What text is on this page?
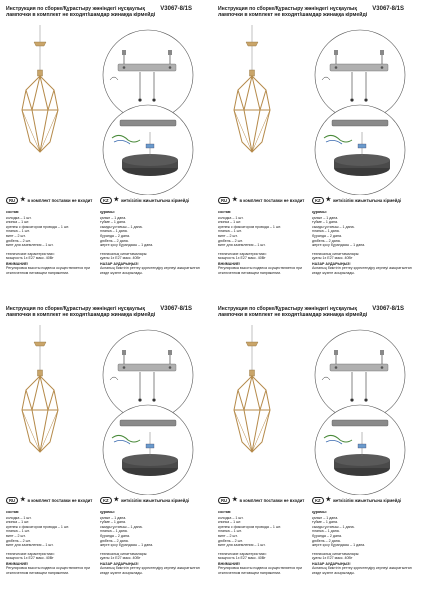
Инструкция по сборке/Құрастыру жөніндегі нұсқаулық	V3067-8/1S
лампочки в комплект не входят/шамдар жинаққа кірмейді
RU ★ в комплект поставки не входит	KZ ★ жеткізілім жиынтығына кірмейді
состав:
колодка – 1 шт.
кнопка – 1 шт.
крепеж с фиксатором провода – 1 шт.
планка – 1 шт.
винт – 2 шт.
дюбель – 2 шт.
винт для заземления – 1 шт.
технические характеристики:
мощность 1x E27 макс. 40Вт
құрамы:
қалып – 1 дана.
түйме – 1 дана.
сымды ұстағыш – 1 дана.
планка – 1 дана.
бұранда – 2 дана.
дюбель – 2 дана.
жерге қосу бұрандасы – 1 дана.
техникалық сипаттамалары:
қуаты 1x E27 макс. 40Вт
ВНИМАНИЕ!
Регулировка высоты подвеса осуществляется при отключенном питающем напряжении.
НАЗАР АУДАРЫҢЫЗ!
Аспаның биіктігін реттеу қоректендіру кернеуі ажыратылған кезде жүзеге асырылады.
Инструкция по сборке/Құрастыру жөніндегі нұсқаулық	V3067-8/1S
лампочки в комплект не входят/шамдар жинаққа кірмейді
RU ★ в комплект поставки не входит	KZ ★ жеткізілім жиынтығына кірмейді
состав:
колодка – 1 шт.
кнопка – 1 шт.
крепеж с фиксатором провода – 1 шт.
планка – 1 шт.
винт – 2 шт.
дюбель – 2 шт.
винт для заземления – 1 шт.
технические характеристики:
мощность 1x E27 макс. 40Вт
құрамы:
қалып – 1 дана.
түйме – 1 дана.
сымды ұстағыш – 1 дана.
планка – 1 дана.
бұранда – 2 дана.
дюбель – 2 дана.
жерге қосу бұрандасы – 1 дана.
техникалық сипаттамалары:
қуаты 1x E27 макс. 40Вт
ВНИМАНИЕ!
Регулировка высоты подвеса осуществляется при отключенном питающем напряжении.
НАЗАР АУДАРЫҢЫЗ!
Аспаның биіктігін реттеу қоректендіру кернеуі ажыратылған кезде жүзеге асырылады.
Инструкция по сборке/Құрастыру жөніндегі нұсқаулық	V3067-8/1S
лампочки в комплект не входят/шамдар жинаққа кірмейді
RU ★ в комплект поставки не входит	KZ ★ жеткізілім жиынтығына кірмейді
состав:
колодка – 1 шт.
кнопка – 1 шт.
крепеж с фиксатором провода – 1 шт.
планка – 1 шт.
винт – 2 шт.
дюбель – 2 шт.
винт для заземления – 1 шт.
технические характеристики:
мощность 1x E27 макс. 40Вт
құрамы:
қалып – 1 дана.
түйме – 1 дана.
сымды ұстағыш – 1 дана.
планка – 1 дана.
бұранда – 2 дана.
дюбель – 2 дана.
жерге қосу бұрандасы – 1 дана.
техникалық сипаттамалары:
қуаты 1x E27 макс. 40Вт
ВНИМАНИЕ!
Регулировка высоты подвеса осуществляется при отключенном питающем напряжении.
НАЗАР АУДАРЫҢЫЗ!
Аспаның биіктігін реттеу қоректендіру кернеуі ажыратылған кезде жүзеге асырылады.
Инструкция по сборке/Құрастыру жөніндегі нұсқаулық	V3067-8/1S
лампочки в комплект не входят/шамдар жинаққа кірмейді
RU ★ в комплект поставки не входит	KZ ★ жеткізілім жиынтығына кірмейді
состав:
колодка – 1 шт.
кнопка – 1 шт.
крепеж с фиксатором провода – 1 шт.
планка – 1 шт.
винт – 2 шт.
дюбель – 2 шт.
винт для заземления – 1 шт.
технические характеристики:
мощность 1x E27 макс. 40Вт
құрамы:
қалып – 1 дана.
түйме – 1 дана.
сымды ұстағыш – 1 дана.
планка – 1 дана.
бұранда – 2 дана.
дюбель – 2 дана.
жерге қосу бұрандасы – 1 дана.
техникалық сипаттамалары:
қуаты 1x E27 макс. 40Вт
ВНИМАНИЕ!
Регулировка высоты подвеса осуществляется при отключенном питающем напряжении.
НАЗАР АУДАРЫҢЫЗ!
Аспаның биіктігін реттеу қоректендіру кернеуі ажыратылған кезде жүзеге асырылады.
